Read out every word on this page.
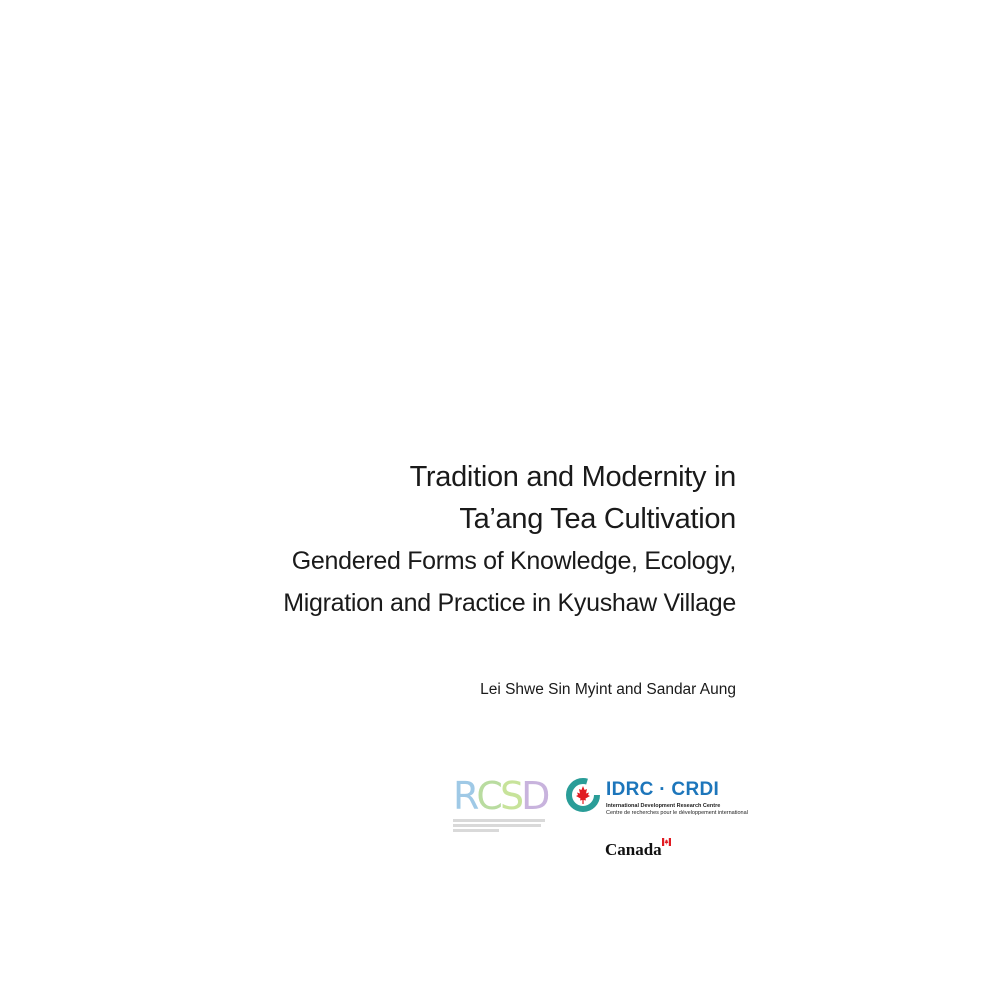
Tradition and Modernity in
Ta’ang Tea Cultivation
Gendered Forms of Knowledge, Ecology,
Migration and Practice in Kyushaw Village
Lei Shwe Sin Myint and Sandar Aung
R C S D	IDRC · CRDI
International Development Research Centre
Centre de recherches pour le développement international
Canada
